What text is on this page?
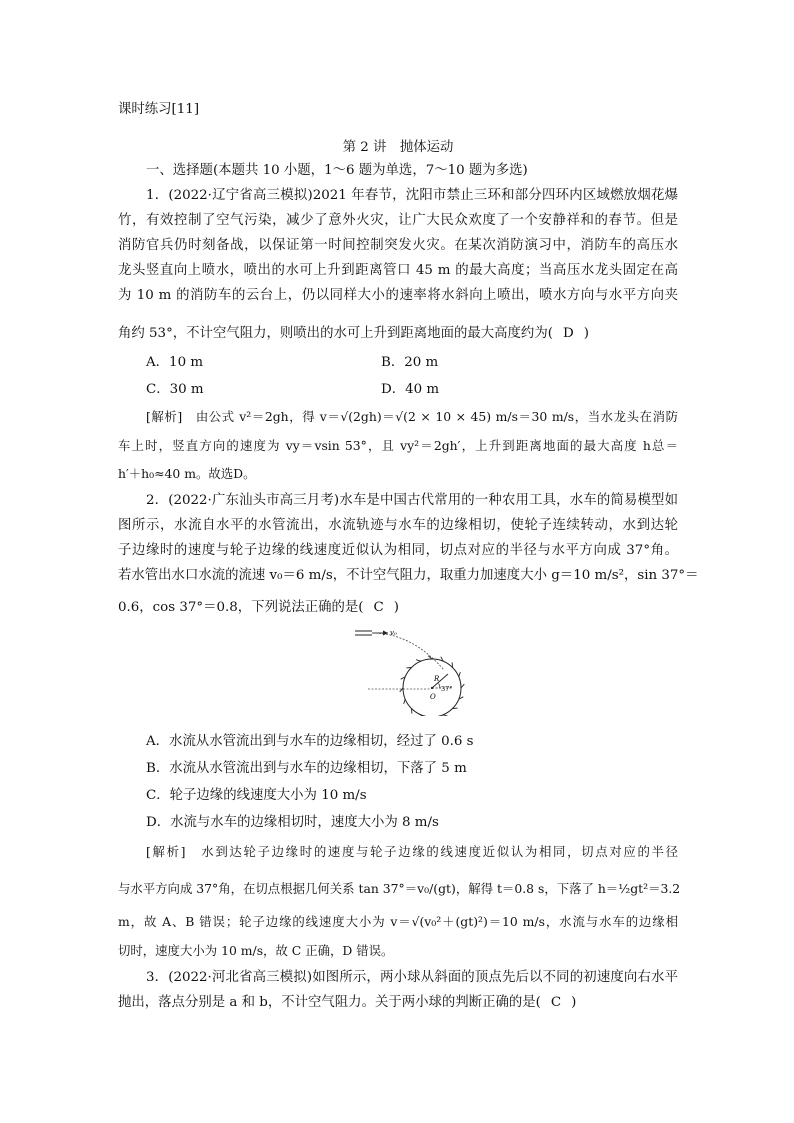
课时练习[11]
第 2 讲　抛体运动
一、选择题(本题共 10 小题，1～6 题为单选，7～10 题为多选)
1．(2022·辽宁省高三模拟)2021 年春节，沈阳市禁止三环和部分四环内区域燃放烟花爆
竹，有效控制了空气污染，减少了意外火灾，让广大民众欢度了一个安静祥和的春节。但是
消防官兵仍时刻备战，以保证第一时间控制突发火灾。在某次消防演习中，消防车的高压水
龙头竖直向上喷水，喷出的水可上升到距离管口 45 m 的最大高度；当高压水龙头固定在高
为 10 m 的消防车的云台上，仍以同样大小的速率将水斜向上喷出，喷水方向与水平方向夹
角约 53°，不计空气阻力，则喷出的水可上升到距离地面的最大高度约为( D )
A．10 m	B．20 m
C．30 m	D．40 m
[解析]　由公式 v²＝2gh，得 v＝√(2gh)＝√(2 × 10 × 45) m/s＝30 m/s，当水龙头在消防
车上时，竖直方向的速度为 vy＝vsin 53°，且 vy²＝2gh′，上升到距离地面的最大高度 h总＝
h′＋h₀≈40 m。故选D。
2．(2022·广东汕头市高三月考)水车是中国古代常用的一种农用工具，水车的简易模型如
图所示，水流自水平的水管流出，水流轨迹与水车的边缘相切，使轮子连续转动，水到达轮
子边缘时的速度与轮子边缘的线速度近似认为相同，切点对应的半径与水平方向成 37°角。
若水管出水口水流的流速 v₀＝6 m/s，不计空气阻力，取重力加速度大小 g＝10 m/s²，sin 37°＝
0.6，cos 37°＝0.8，下列说法正确的是( C )
v₀
R
37°
O
A．水流从水管流出到与水车的边缘相切，经过了 0.6 s
B．水流从水管流出到与水车的边缘相切，下落了 5 m
C．轮子边缘的线速度大小为 10 m/s
D．水流与水车的边缘相切时，速度大小为 8 m/s
[解析]　水到达轮子边缘时的速度与轮子边缘的线速度近似认为相同，切点对应的半径
与水平方向成 37°角，在切点根据几何关系 tan 37°＝v₀/(gt)，解得 t＝0.8 s，下落了 h＝½gt²＝3.2
m，故 A、B 错误；轮子边缘的线速度大小为 v＝√(v₀²＋(gt)²)＝10 m/s，水流与水车的边缘相
切时，速度大小为 10 m/s，故 C 正确，D 错误。
3．(2022·河北省高三模拟)如图所示，两小球从斜面的顶点先后以不同的初速度向右水平
抛出，落点分别是 a 和 b，不计空气阻力。关于两小球的判断正确的是( C )
